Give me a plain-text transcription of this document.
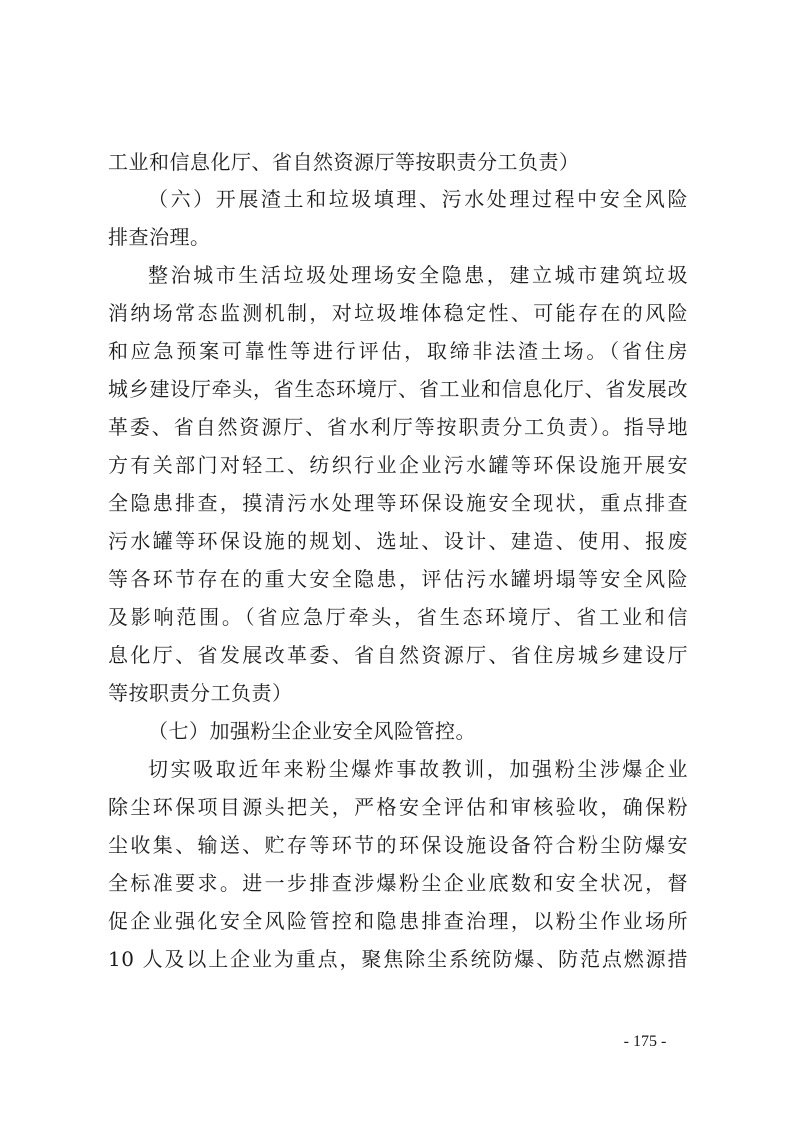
工业和信息化厅、省自然资源厅等按职责分工负责）
（六）开展渣土和垃圾填理、污水处理过程中安全风险
排查治理。
整治城市生活垃圾处理场安全隐患，建立城市建筑垃圾
消纳场常态监测机制，对垃圾堆体稳定性、可能存在的风险
和应急预案可靠性等进行评估，取缔非法渣土场。（省住房
城乡建设厅牵头，省生态环境厅、省工业和信息化厅、省发展改
革委、省自然资源厅、省水利厅等按职责分工负责）。指导地
方有关部门对轻工、纺织行业企业污水罐等环保设施开展安
全隐患排查，摸清污水处理等环保设施安全现状，重点排查
污水罐等环保设施的规划、选址、设计、建造、使用、报废
等各环节存在的重大安全隐患，评估污水罐坍塌等安全风险
及影响范围。（省应急厅牵头，省生态环境厅、省工业和信
息化厅、省发展改革委、省自然资源厅、省住房城乡建设厅
等按职责分工负责）
（七）加强粉尘企业安全风险管控。
切实吸取近年来粉尘爆炸事故教训，加强粉尘涉爆企业
除尘环保项目源头把关，严格安全评估和审核验收，确保粉
尘收集、输送、贮存等环节的环保设施设备符合粉尘防爆安
全标准要求。进一步排查涉爆粉尘企业底数和安全状况，督
促企业强化安全风险管控和隐患排查治理，以粉尘作业场所
10 人及以上企业为重点，聚焦除尘系统防爆、防范点燃源措
- 175 -
